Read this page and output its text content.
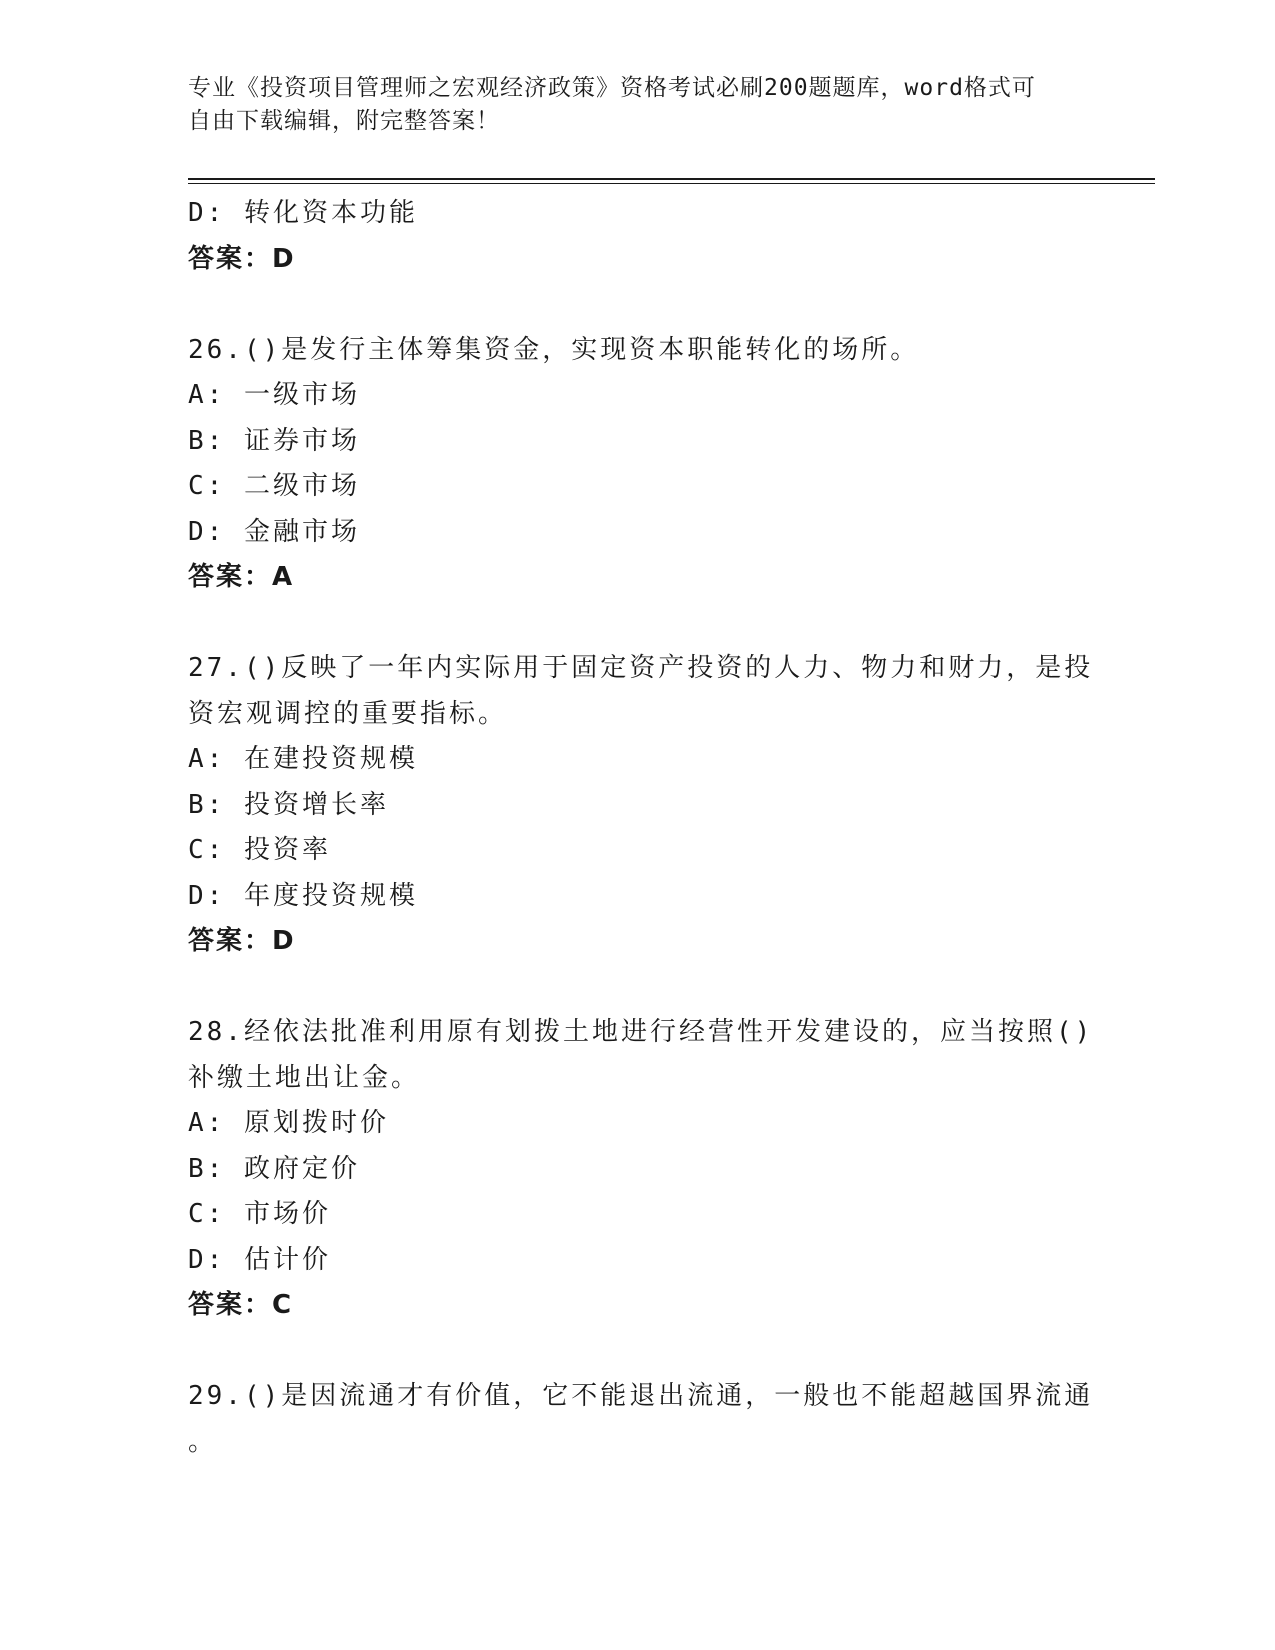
专业《投资项目管理师之宏观经济政策》资格考试必刷200题题库，word格式可
自由下载编辑，附完整答案！
D: 转化资本功能
答案：D
26.()是发行主体筹集资金，实现资本职能转化的场所。
A: 一级市场
B: 证券市场
C: 二级市场
D: 金融市场
答案：A
27.()反映了一年内实际用于固定资产投资的人力、物力和财力，是投
资宏观调控的重要指标。
A: 在建投资规模
B: 投资增长率
C: 投资率
D: 年度投资规模
答案：D
28.经依法批准利用原有划拨土地进行经营性开发建设的，应当按照()
补缴土地出让金。
A: 原划拨时价
B: 政府定价
C: 市场价
D: 估计价
答案：C
29.()是因流通才有价值，它不能退出流通，一般也不能超越国界流通
。
